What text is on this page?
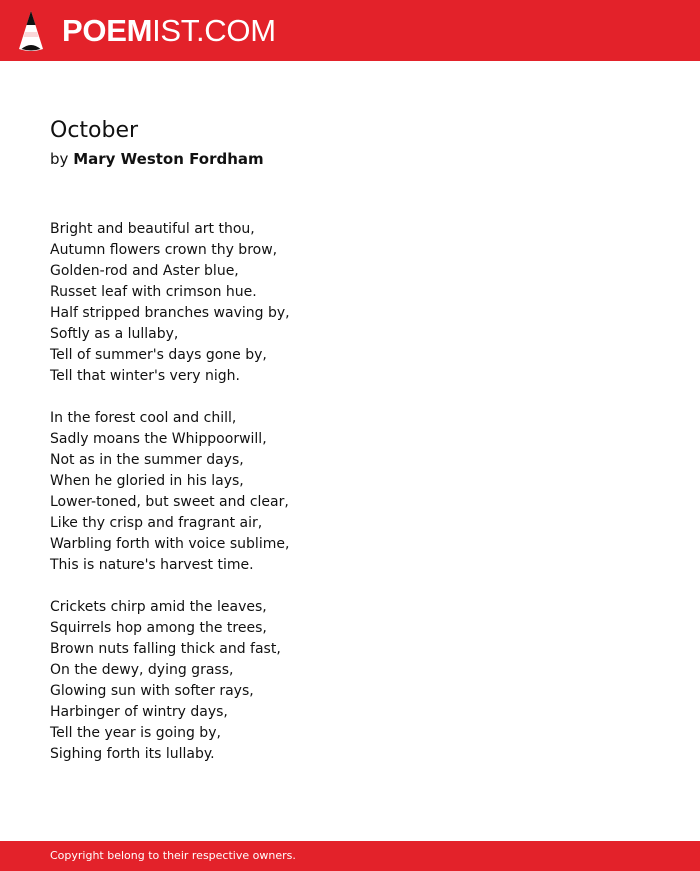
POEMIST.COM
October

by Mary Weston Fordham

Bright and beautiful art thou,
Autumn flowers crown thy brow,
Golden-rod and Aster blue,
Russet leaf with crimson hue.
Half stripped branches waving by,
Softly as a lullaby,
Tell of summer's days gone by,
Tell that winter's very nigh.
In the forest cool and chill,
Sadly moans the Whippoorwill,
Not as in the summer days,
When he gloried in his lays,
Lower-toned, but sweet and clear,
Like thy crisp and fragrant air,
Warbling forth with voice sublime,
This is nature's harvest time.
Crickets chirp amid the leaves,
Squirrels hop among the trees,
Brown nuts falling thick and fast,
On the dewy, dying grass,
Glowing sun with softer rays,
Harbinger of wintry days,
Tell the year is going by,
Sighing forth its lullaby.
Copyright belong to their respective owners.
